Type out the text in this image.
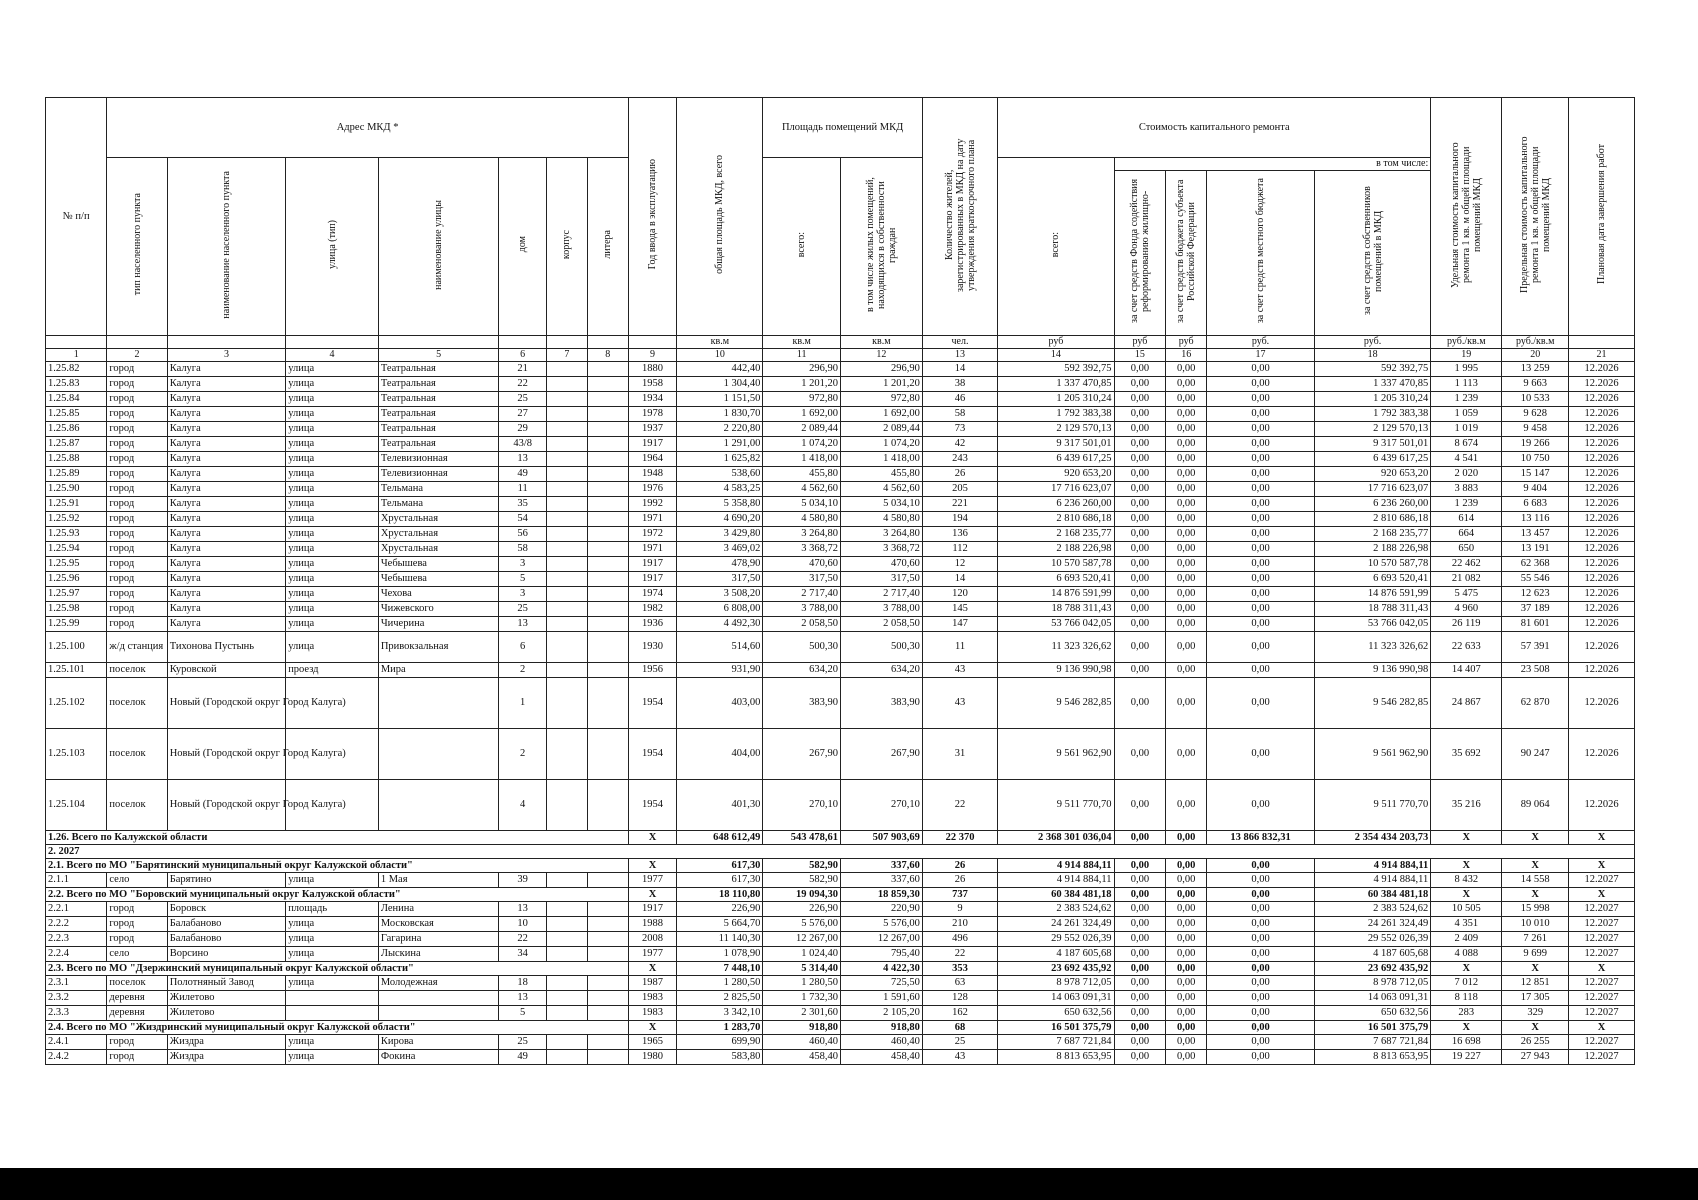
№ п/п	Адрес МКД *							Год ввода в эксплуатацию	общая площадь МКД, всего	Площадь помещений МКД		Количество жителей, зарегистрированных в МКД на дату утверждения краткосрочного плана	Стоимость капитального ремонта					Удельная стоимость капитального ремонта 1 кв. м общей площади помещений МКД	Предельная стоимость капитального ремонта 1 кв. м общей площади помещений МКД	Плановая дата завершения работ
	тип населенного пункта	наименование населенного пункта	улица (тип)	наименование улицы	дом	корпус	литера			всего:	в том числе жилых помещений, находящихся в собственности граждан		всего:	в том числе:						
														за счет средств Фонда содействия реформированию жилищно-	за счет средств бюджета субъекта Российской Федерации	за счет средств местного бюджета	за счет средств собственников помещений в МКД			
									кв.м	кв.м	кв.м	чел.	руб	руб	руб	руб.	руб.	руб./кв.м	руб./кв.м	
1	2	3	4	5	6	7	8	9	10	11	12	13	14	15	16	17	18	19	20	21
1.25.82	город	Калуга	улица	Театральная	21			1880	442,40	296,90	296,90	14	592 392,75	0,00	0,00	0,00	592 392,75	1 995	13 259	12.2026
1.25.83	город	Калуга	улица	Театральная	22			1958	1 304,40	1 201,20	1 201,20	38	1 337 470,85	0,00	0,00	0,00	1 337 470,85	1 113	9 663	12.2026
1.25.84	город	Калуга	улица	Театральная	25			1934	1 151,50	972,80	972,80	46	1 205 310,24	0,00	0,00	0,00	1 205 310,24	1 239	10 533	12.2026
1.25.85	город	Калуга	улица	Театральная	27			1978	1 830,70	1 692,00	1 692,00	58	1 792 383,38	0,00	0,00	0,00	1 792 383,38	1 059	9 628	12.2026
1.25.86	город	Калуга	улица	Театральная	29			1937	2 220,80	2 089,44	2 089,44	73	2 129 570,13	0,00	0,00	0,00	2 129 570,13	1 019	9 458	12.2026
1.25.87	город	Калуга	улица	Театральная	43/8			1917	1 291,00	1 074,20	1 074,20	42	9 317 501,01	0,00	0,00	0,00	9 317 501,01	8 674	19 266	12.2026
1.25.88	город	Калуга	улица	Телевизионная	13			1964	1 625,82	1 418,00	1 418,00	243	6 439 617,25	0,00	0,00	0,00	6 439 617,25	4 541	10 750	12.2026
1.25.89	город	Калуга	улица	Телевизионная	49			1948	538,60	455,80	455,80	26	920 653,20	0,00	0,00	0,00	920 653,20	2 020	15 147	12.2026
1.25.90	город	Калуга	улица	Тельмана	11			1976	4 583,25	4 562,60	4 562,60	205	17 716 623,07	0,00	0,00	0,00	17 716 623,07	3 883	9 404	12.2026
1.25.91	город	Калуга	улица	Тельмана	35			1992	5 358,80	5 034,10	5 034,10	221	6 236 260,00	0,00	0,00	0,00	6 236 260,00	1 239	6 683	12.2026
1.25.92	город	Калуга	улица	Хрустальная	54			1971	4 690,20	4 580,80	4 580,80	194	2 810 686,18	0,00	0,00	0,00	2 810 686,18	614	13 116	12.2026
1.25.93	город	Калуга	улица	Хрустальная	56			1972	3 429,80	3 264,80	3 264,80	136	2 168 235,77	0,00	0,00	0,00	2 168 235,77	664	13 457	12.2026
1.25.94	город	Калуга	улица	Хрустальная	58			1971	3 469,02	3 368,72	3 368,72	112	2 188 226,98	0,00	0,00	0,00	2 188 226,98	650	13 191	12.2026
1.25.95	город	Калуга	улица	Чебышева	3			1917	478,90	470,60	470,60	12	10 570 587,78	0,00	0,00	0,00	10 570 587,78	22 462	62 368	12.2026
1.25.96	город	Калуга	улица	Чебышева	5			1917	317,50	317,50	317,50	14	6 693 520,41	0,00	0,00	0,00	6 693 520,41	21 082	55 546	12.2026
1.25.97	город	Калуга	улица	Чехова	3			1974	3 508,20	2 717,40	2 717,40	120	14 876 591,99	0,00	0,00	0,00	14 876 591,99	5 475	12 623	12.2026
1.25.98	город	Калуга	улица	Чижевского	25			1982	6 808,00	3 788,00	3 788,00	145	18 788 311,43	0,00	0,00	0,00	18 788 311,43	4 960	37 189	12.2026
1.25.99	город	Калуга	улица	Чичерина	13			1936	4 492,30	2 058,50	2 058,50	147	53 766 042,05	0,00	0,00	0,00	53 766 042,05	26 119	81 601	12.2026
1.25.100	ж/д станция	Тихонова Пустынь	улица	Привокзальная	6			1930	514,60	500,30	500,30	11	11 323 326,62	0,00	0,00	0,00	11 323 326,62	22 633	57 391	12.2026
1.25.101	поселок	Куровской	проезд	Мира	2			1956	931,90	634,20	634,20	43	9 136 990,98	0,00	0,00	0,00	9 136 990,98	14 407	23 508	12.2026
1.25.102	поселок	Новый (Городской округ Город Калуга)			1			1954	403,00	383,90	383,90	43	9 546 282,85	0,00	0,00	0,00	9 546 282,85	24 867	62 870	12.2026
1.25.103	поселок	Новый (Городской округ Город Калуга)			2			1954	404,00	267,90	267,90	31	9 561 962,90	0,00	0,00	0,00	9 561 962,90	35 692	90 247	12.2026
1.25.104	поселок	Новый (Городской округ Город Калуга)			4			1954	401,30	270,10	270,10	22	9 511 770,70	0,00	0,00	0,00	9 511 770,70	35 216	89 064	12.2026
1.26. Всего по Калужской области								X	648 612,49	543 478,61	507 903,69	22 370	2 368 301 036,04	0,00	0,00	13 866 832,31	2 354 434 203,73	X	X	X
2. 2027																				
2.1. Всего по МО "Барятинский муниципальный округ Калужской области"								X	617,30	582,90	337,60	26	4 914 884,11	0,00	0,00	0,00	4 914 884,11	X	X	X
2.1.1	село	Барятино	улица	1 Мая	39			1977	617,30	582,90	337,60	26	4 914 884,11	0,00	0,00	0,00	4 914 884,11	8 432	14 558	12.2027
2.2. Всего по МО "Боровский муниципальный округ Калужской области"								X	18 110,80	19 094,30	18 859,30	737	60 384 481,18	0,00	0,00	0,00	60 384 481,18	X	X	X
2.2.1	город	Боровск	площадь	Ленина	13			1917	226,90	226,90	220,90	9	2 383 524,62	0,00	0,00	0,00	2 383 524,62	10 505	15 998	12.2027
2.2.2	город	Балабаново	улица	Московская	10			1988	5 664,70	5 576,00	5 576,00	210	24 261 324,49	0,00	0,00	0,00	24 261 324,49	4 351	10 010	12.2027
2.2.3	город	Балабаново	улица	Гагарина	22			2008	11 140,30	12 267,00	12 267,00	496	29 552 026,39	0,00	0,00	0,00	29 552 026,39	2 409	7 261	12.2027
2.2.4	село	Ворсино	улица	Лыскина	34			1977	1 078,90	1 024,40	795,40	22	4 187 605,68	0,00	0,00	0,00	4 187 605,68	4 088	9 699	12.2027
2.3. Всего по МО "Дзержинский муниципальный округ Калужской области"								X	7 448,10	5 314,40	4 422,30	353	23 692 435,92	0,00	0,00	0,00	23 692 435,92	X	X	X
2.3.1	поселок	Полотняный Завод	улица	Молодежная	18			1987	1 280,50	1 280,50	725,50	63	8 978 712,05	0,00	0,00	0,00	8 978 712,05	7 012	12 851	12.2027
2.3.2	деревня	Жилетово			13			1983	2 825,50	1 732,30	1 591,60	128	14 063 091,31	0,00	0,00	0,00	14 063 091,31	8 118	17 305	12.2027
2.3.3	деревня	Жилетово			5			1983	3 342,10	2 301,60	2 105,20	162	650 632,56	0,00	0,00	0,00	650 632,56	283	329	12.2027
2.4. Всего по МО "Жиздринский муниципальный округ Калужской области"								X	1 283,70	918,80	918,80	68	16 501 375,79	0,00	0,00	0,00	16 501 375,79	X	X	X
2.4.1	город	Жиздра	улица	Кирова	25			1965	699,90	460,40	460,40	25	7 687 721,84	0,00	0,00	0,00	7 687 721,84	16 698	26 255	12.2027
2.4.2	город	Жиздра	улица	Фокина	49			1980	583,80	458,40	458,40	43	8 813 653,95	0,00	0,00	0,00	8 813 653,95	19 227	27 943	12.2027
